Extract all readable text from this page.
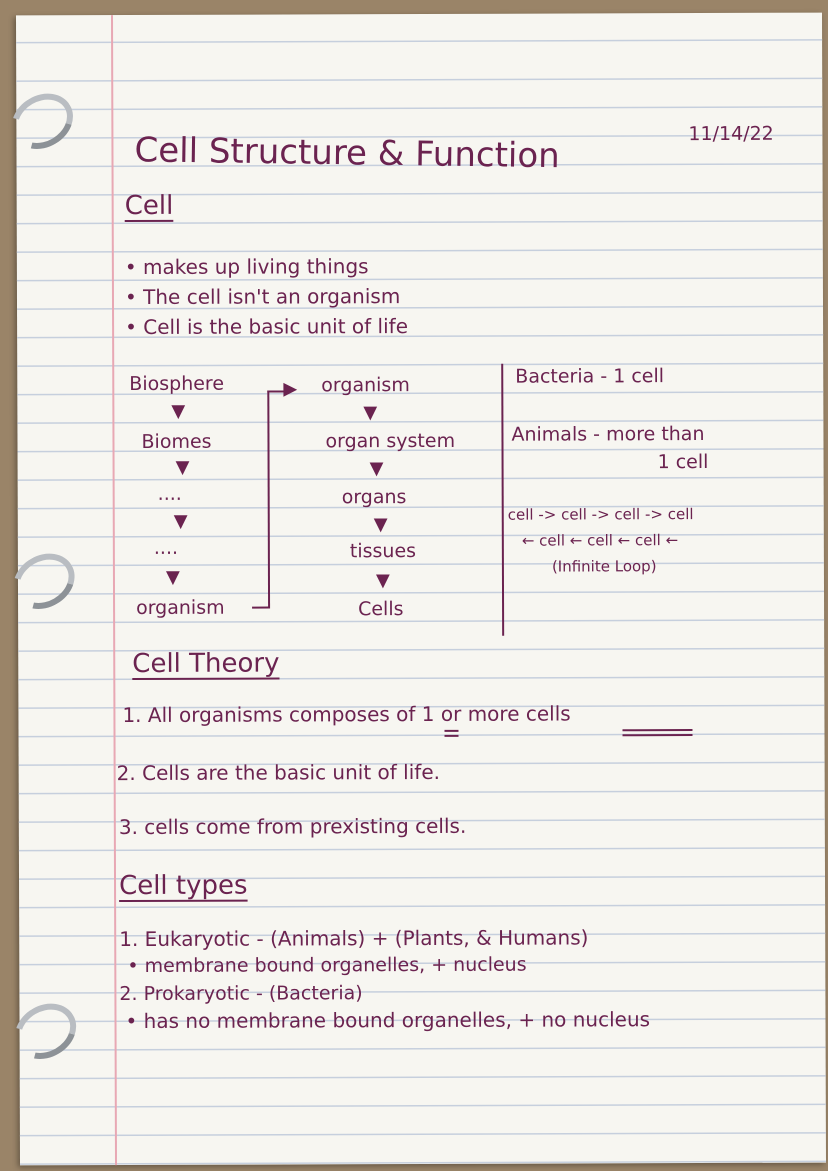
Cell Structure & Function	11/14/22
Cell
• makes up living things
• The cell isn't an organism
• Cell is the basic unit of life
Biosphere
▼
Biomes
▼
....
▼
....
▼
organism
▶ organism
▼
organ system
▼
organs
▼
tissues
▼
Cells
Bacteria - 1 cell
Animals - more than
1 cell
cell -> cell -> cell -> cell
← cell ← cell ← cell ←
(Infinite Loop)
Cell Theory
1. All organisms composes of 1 or more cells
2. Cells are the basic unit of life.
3. cells come from prexisting cells.
Cell types
1. Eukaryotic - (Animals) + (Plants, & Humans)
• membrane bound organelles, + nucleus
2. Prokaryotic - (Bacteria)
• has no membrane bound organelles, + no nucleus
